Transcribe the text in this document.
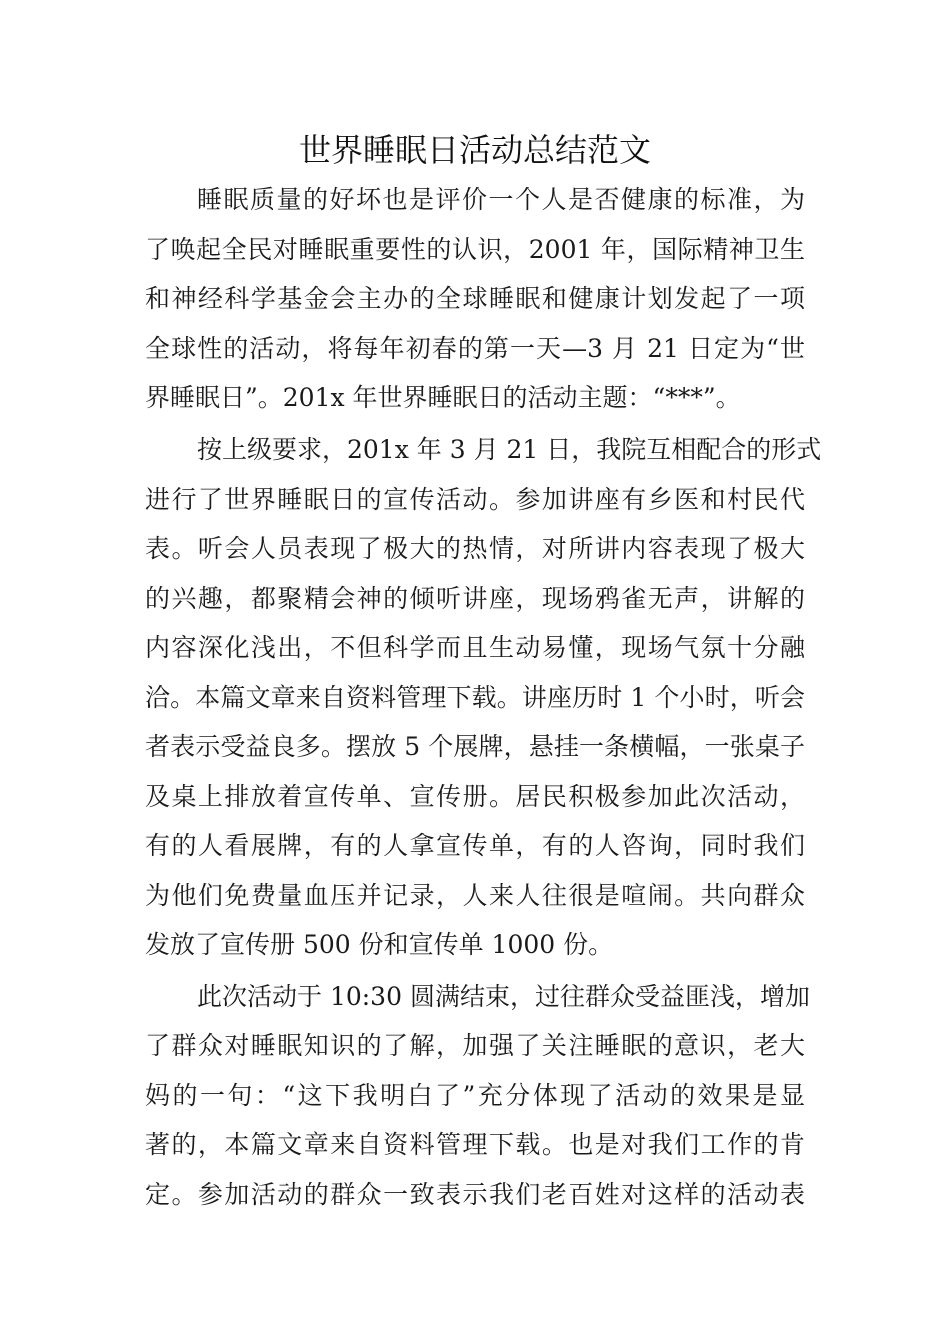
世界睡眠日活动总结范文
睡眠质量的好坏也是评价一个人是否健康的标准，为
了唤起全民对睡眠重要性的认识，2001 年，国际精神卫生
和神经科学基金会主办的全球睡眠和健康计划发起了一项
全球性的活动，将每年初春的第一天—3 月 21 日定为“世
界睡眠日”。201x 年世界睡眠日的活动主题：“***”。
按上级要求，201x 年 3 月 21 日，我院互相配合的形式
进行了世界睡眠日的宣传活动。参加讲座有乡医和村民代
表。听会人员表现了极大的热情，对所讲内容表现了极大
的兴趣，都聚精会神的倾听讲座，现场鸦雀无声，讲解的
内容深化浅出，不但科学而且生动易懂，现场气氛十分融
洽。本篇文章来自资料管理下载。讲座历时 1 个小时，听会
者表示受益良多。摆放 5 个展牌，悬挂一条横幅，一张桌子
及桌上排放着宣传单、宣传册。居民积极参加此次活动，
有的人看展牌，有的人拿宣传单，有的人咨询，同时我们
为他们免费量血压并记录，人来人往很是喧闹。共向群众
发放了宣传册 500 份和宣传单 1000 份。
此次活动于 10:30 圆满结束，过往群众受益匪浅，增加
了群众对睡眠知识的了解，加强了关注睡眠的意识，老大
妈的一句：“这下我明白了”充分体现了活动的效果是显
著的，本篇文章来自资料管理下载。也是对我们工作的肯
定。参加活动的群众一致表示我们老百姓对这样的活动表
